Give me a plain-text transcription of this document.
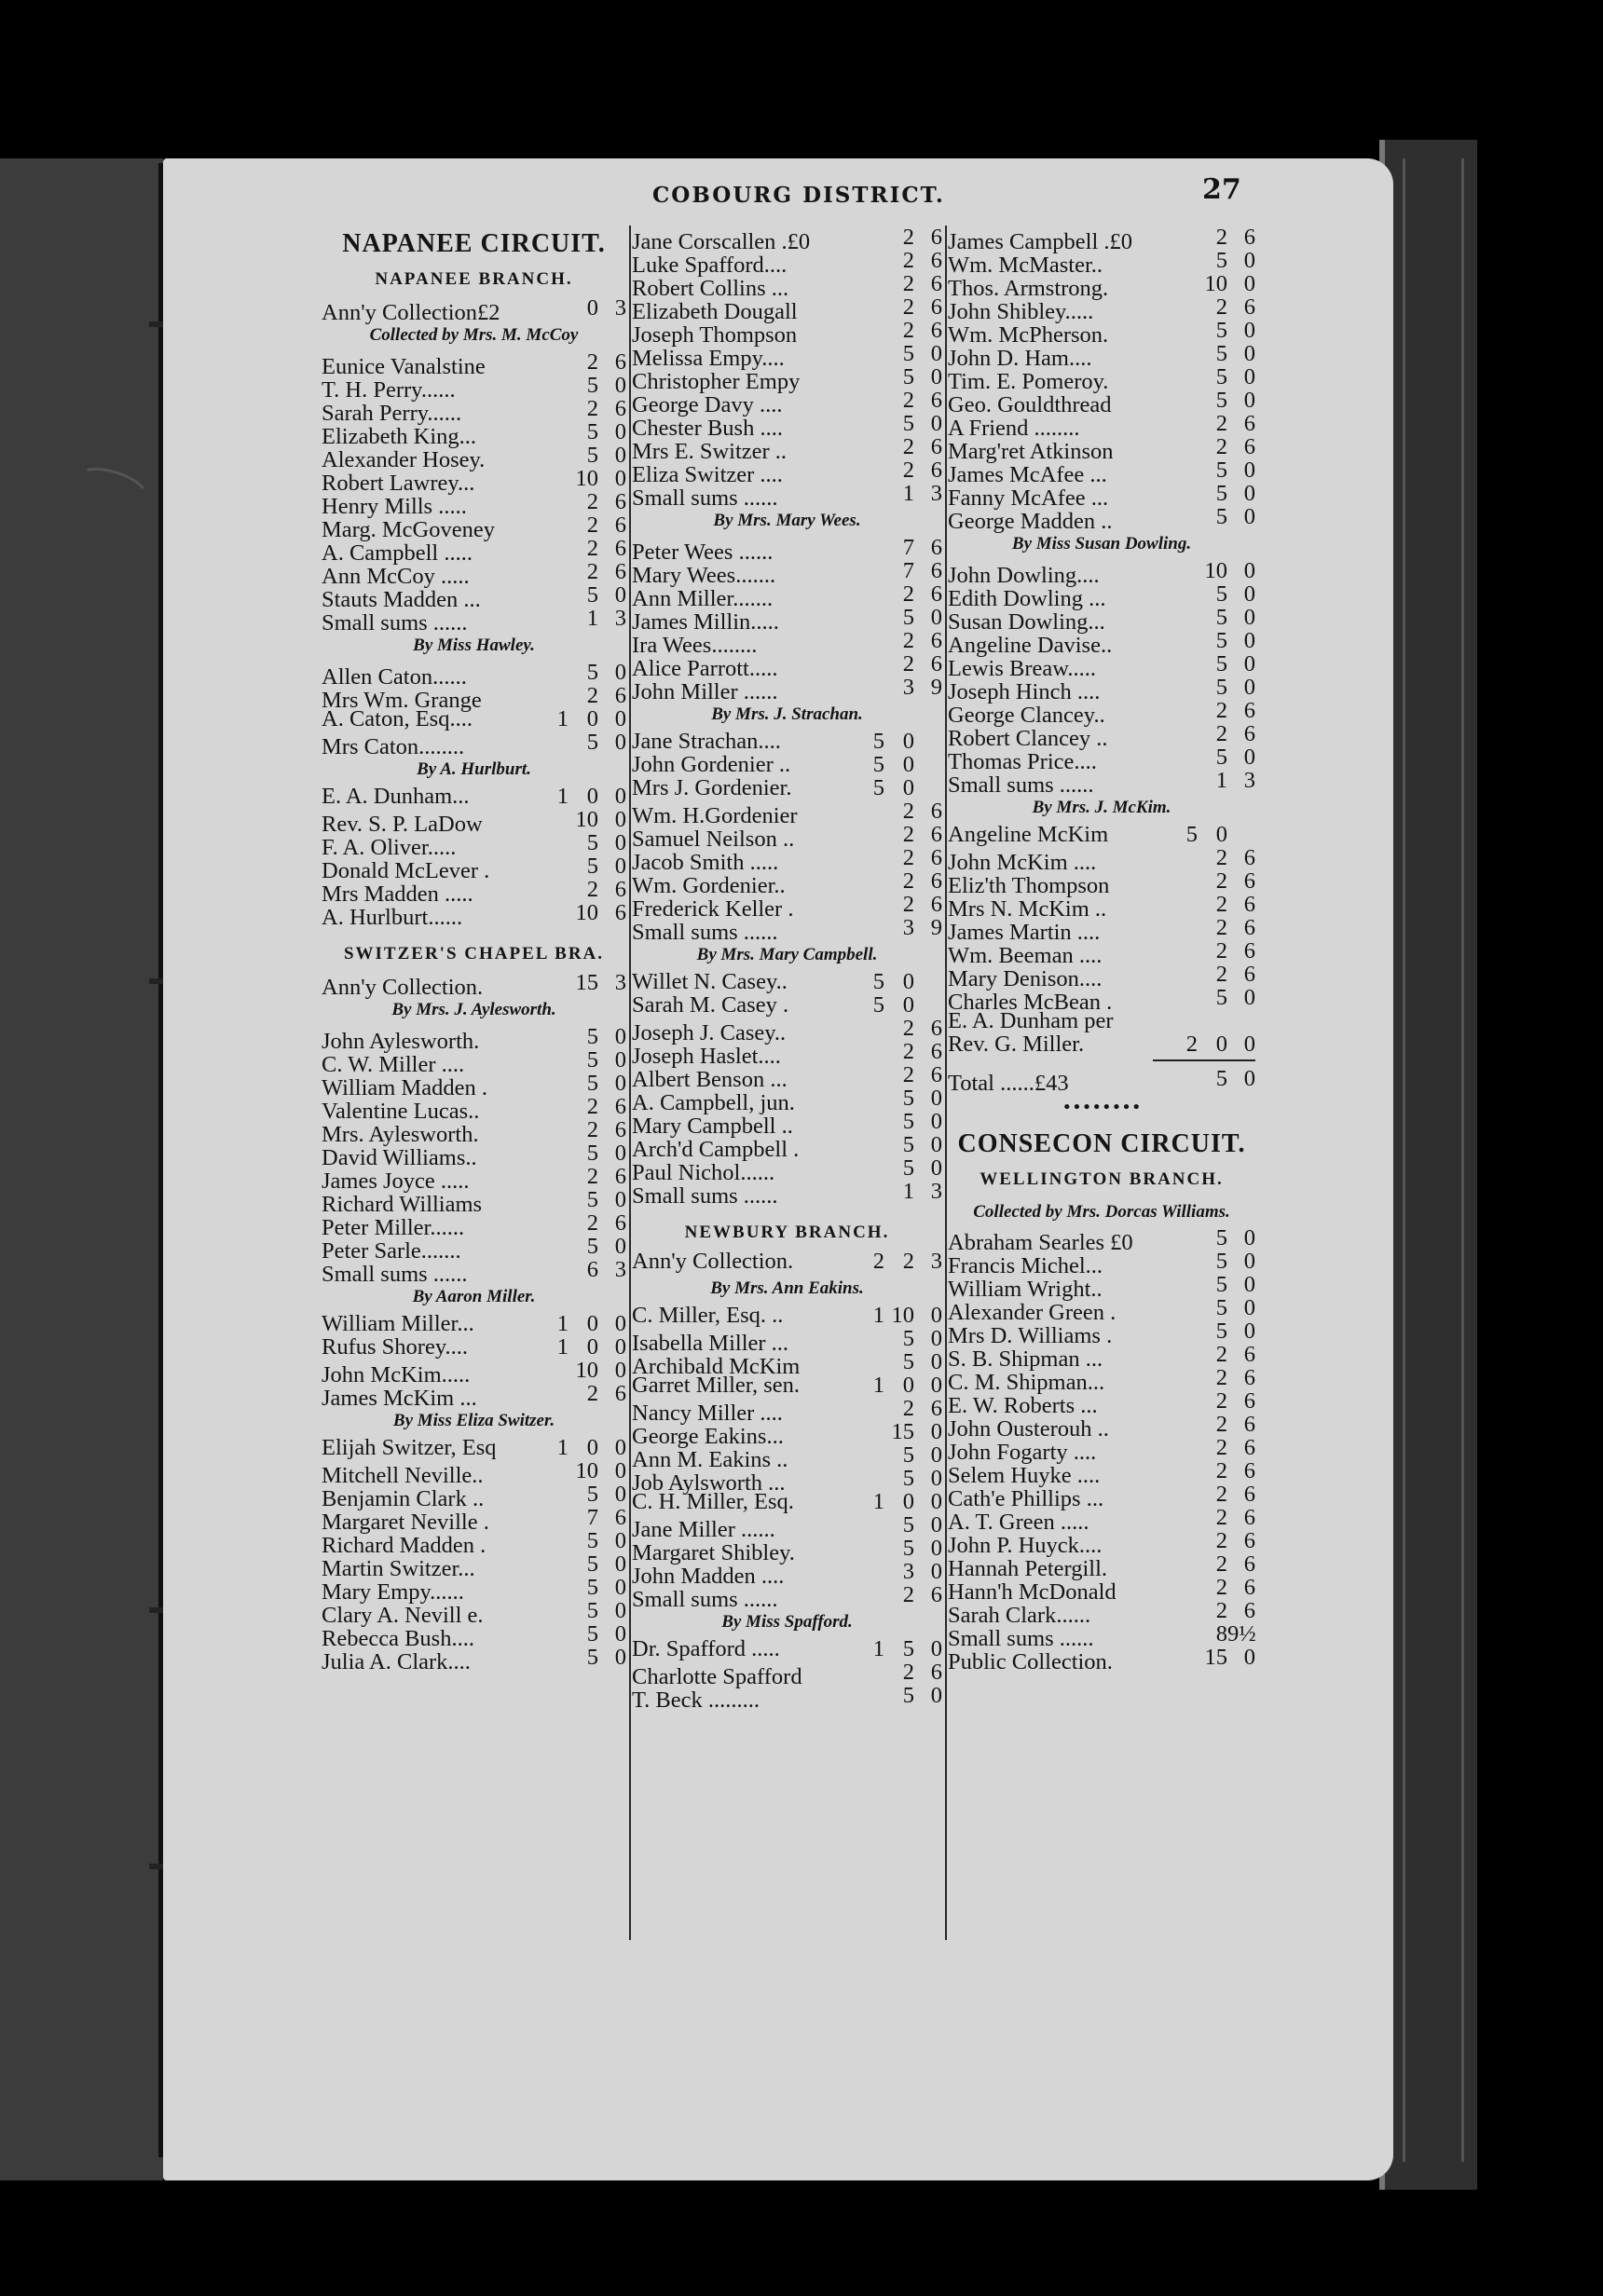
COBOURG DISTRICT.	27
NAPANEE CIRCUIT.
NAPANEE BRANCH.
Ann'y Collection£2	0 3
Collected by Mrs. M. McCoy
Eunice Vanalstine	2 6
T. H. Perry......	5 0
Sarah Perry......	2 6
Elizabeth King...	5 0
Alexander Hosey.	5 0
Robert Lawrey...	10 0
Henry Mills .....	2 6
Marg. McGoveney	2 6
A. Campbell .....	2 6
Ann McCoy .....	2 6
Stauts Madden ...	5 0
Small sums ......	1 3
By Miss Hawley.
Allen Caton......	5 0
Mrs Wm. Grange	2 6
A. Caton, Esq....	1 0 0
Mrs Caton........	5 0
By A. Hurlburt.
E. A. Dunham...	1 0 0
Rev. S. P. LaDow	10 0
F. A. Oliver.....	5 0
Donald McLever .	5 0
Mrs Madden .....	2 6
A. Hurlburt......	10 6
SWITZER'S CHAPEL BRA.
Ann'y Collection.	15 3
By Mrs. J. Aylesworth.
John Aylesworth.	5 0
C. W. Miller ....	5 0
William Madden .	5 0
Valentine Lucas..	2 6
Mrs. Aylesworth.	2 6
David Williams..	5 0
James Joyce .....	2 6
Richard Williams	5 0
Peter Miller......	2 6
Peter Sarle.......	5 0
Small sums ......	6 3
By Aaron Miller.
William Miller...	1 0 0
Rufus Shorey....	1 0 0
John McKim.....	10 0
James McKim ...	2 6
By Miss Eliza Switzer.
Elijah Switzer, Esq	1 0 0
Mitchell Neville..	10 0
Benjamin Clark ..	5 0
Margaret Neville .	7 6
Richard Madden .	5 0
Martin Switzer...	5 0
Mary Empy......	5 0
Clary A. Nevill e.	5 0
Rebecca Bush....	5 0
Julia A. Clark....	5 0
Jane Corscallen .£0	2 6
Luke Spafford....	2 6
Robert Collins ...	2 6
Elizabeth Dougall	2 6
Joseph Thompson	2 6
Melissa Empy....	5 0
Christopher Empy	5 0
George Davy ....	2 6
Chester Bush ....	5 0
Mrs E. Switzer ..	2 6
Eliza Switzer ....	2 6
Small sums ......	1 3
By Mrs. Mary Wees.
Peter Wees ......	7 6
Mary Wees.......	7 6
Ann Miller.......	2 6
James Millin.....	5 0
Ira Wees........	2 6
Alice Parrott.....	2 6
John Miller ......	3 9
By Mrs. J. Strachan.
Jane Strachan....	5 0
John Gordenier ..	5 0
Mrs J. Gordenier.	5 0
Wm. H.Gordenier	2 6
Samuel Neilson ..	2 6
Jacob Smith .....	2 6
Wm. Gordenier..	2 6
Frederick Keller .	2 6
Small sums ......	3 9
By Mrs. Mary Campbell.
Willet N. Casey..	5 0
Sarah M. Casey .	5 0
Joseph J. Casey..	2 6
Joseph Haslet....	2 6
Albert Benson ...	2 6
A. Campbell, jun.	5 0
Mary Campbell ..	5 0
Arch'd Campbell .	5 0
Paul Nichol......	5 0
Small sums ......	1 3
NEWBURY BRANCH.
Ann'y Collection.	2 2 3
By Mrs. Ann Eakins.
C. Miller, Esq. ..	1 10 0
Isabella Miller ...	5 0
Archibald McKim	5 0
Garret Miller, sen.	1 0 0
Nancy Miller ....	2 6
George Eakins...	15 0
Ann M. Eakins ..	5 0
Job Aylsworth ...	5 0
C. H. Miller, Esq.	1 0 0
Jane Miller ......	5 0
Margaret Shibley.	5 0
John Madden ....	3 0
Small sums ......	2 6
By Miss Spafford.
Dr. Spafford .....	1 5 0
Charlotte Spafford	2 6
T. Beck .........	5 0
James Campbell .£0	2 6
Wm. McMaster..	5 0
Thos. Armstrong.	10 0
John Shibley.....	2 6
Wm. McPherson.	5 0
John D. Ham....	5 0
Tim. E. Pomeroy.	5 0
Geo. Gouldthread	5 0
A Friend ........	2 6
Marg'ret Atkinson	2 6
James McAfee ...	5 0
Fanny McAfee ...	5 0
George Madden ..	5 0
By Miss Susan Dowling.
John Dowling....	10 0
Edith Dowling ...	5 0
Susan Dowling...	5 0
Angeline Davise..	5 0
Lewis Breaw.....	5 0
Joseph Hinch ....	5 0
George Clancey..	2 6
Robert Clancey ..	2 6
Thomas Price....	5 0
Small sums ......	1 3
By Mrs. J. McKim.
Angeline McKim	5 0
John McKim ....	2 6
Eliz'th Thompson	2 6
Mrs N. McKim ..	2 6
James Martin ....	2 6
Wm. Beeman ....	2 6
Mary Denison....	2 6
Charles McBean .	5 0
E. A. Dunham per
Rev. G. Miller.	2 0 0
Total ......£43	5 0
••••••••
CONSECON CIRCUIT.
WELLINGTON BRANCH.
Collected by Mrs. Dorcas Williams.
Abraham Searles £0	5 0
Francis Michel...	5 0
William Wright..	5 0
Alexander Green .	5 0
Mrs D. Williams .	5 0
S. B. Shipman ...	2 6
C. M. Shipman...	2 6
E. W. Roberts ...	2 6
John Ousterouh ..	2 6
John Fogarty ....	2 6
Selem Huyke ....	2 6
Cath'e Phillips ...	2 6
A. T. Green .....	2 6
John P. Huyck....	2 6
Hannah Petergill.	2 6
Hann'h McDonald	2 6
Sarah Clark......	2 6
Small sums ......	8 9½
Public Collection.	15 0
